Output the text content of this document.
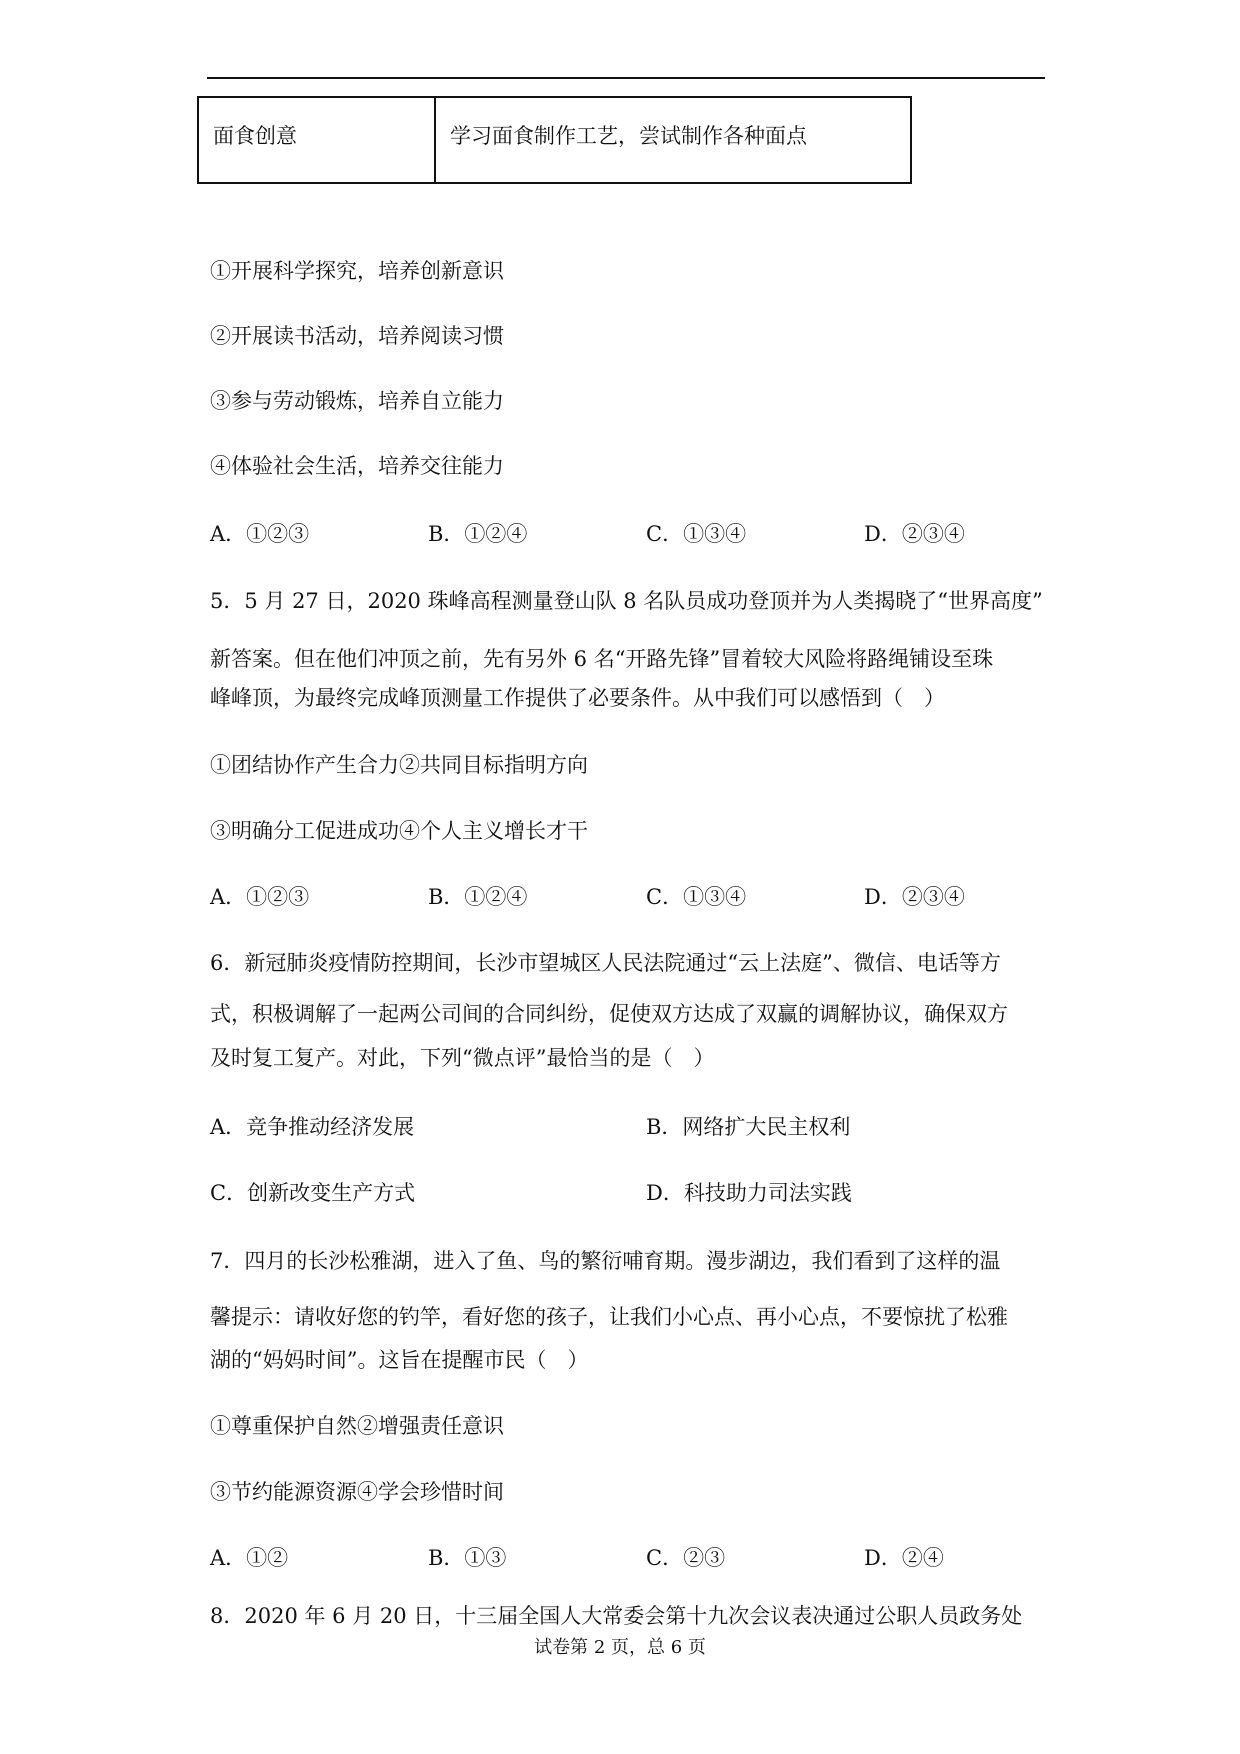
面食创意	学习面食制作工艺，尝试制作各种面点
①开展科学探究，培养创新意识
②开展读书活动，培养阅读习惯
③参与劳动锻炼，培养自立能力
④体验社会生活，培养交往能力
A．①②③	B．①②④	C．①③④	D．②③④
5．5 月 27 日，2020 珠峰高程测量登山队 8 名队员成功登顶并为人类揭晓了“世界高度”
新答案。但在他们冲顶之前，先有另外 6 名“开路先锋”冒着较大风险将路绳铺设至珠
峰峰顶，为最终完成峰顶测量工作提供了必要条件。从中我们可以感悟到（　）
①团结协作产生合力②共同目标指明方向
③明确分工促进成功④个人主义增长才干
A．①②③	B．①②④	C．①③④	D．②③④
6．新冠肺炎疫情防控期间，长沙市望城区人民法院通过“云上法庭”、微信、电话等方
式，积极调解了一起两公司间的合同纠纷，促使双方达成了双赢的调解协议，确保双方
及时复工复产。对此，下列“微点评”最恰当的是（　）
A．竞争推动经济发展	B．网络扩大民主权利
C．创新改变生产方式	D．科技助力司法实践
7．四月的长沙松雅湖，进入了鱼、鸟的繁衍哺育期。漫步湖边，我们看到了这样的温
馨提示：请收好您的钓竿，看好您的孩子，让我们小心点、再小心点，不要惊扰了松雅
湖的“妈妈时间”。这旨在提醒市民（　）
①尊重保护自然②增强责任意识
③节约能源资源④学会珍惜时间
A．①②	B．①③	C．②③	D．②④
8．2020 年 6 月 20 日，十三届全国人大常委会第十九次会议表决通过公职人员政务处
试卷第 2 页，总 6 页
